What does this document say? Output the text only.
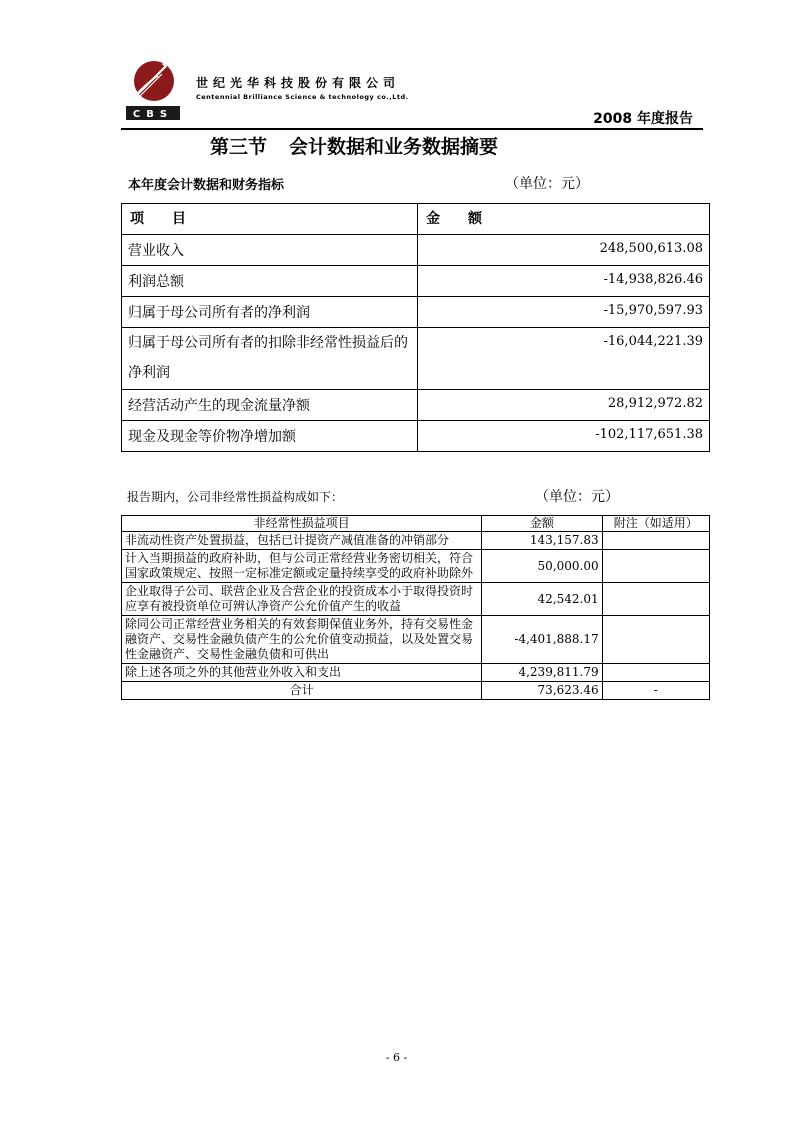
CBS
世纪光华科技股份有限公司
Centennial Brilliance Science & technology co.,Ltd.
2008 年度报告
第三节 会计数据和业务数据摘要
本年度会计数据和财务指标	（单位：元）
项　　目	金　　额
营业收入	248,500,613.08
利润总额	-14,938,826.46
归属于母公司所有者的净利润	-15,970,597.93
归属于母公司所有者的扣除非经常性损益后的净利润	-16,044,221.39
经营活动产生的现金流量净额	28,912,972.82
现金及现金等价物净增加额	-102,117,651.38
报告期内，公司非经常性损益构成如下：	（单位：元）
非经常性损益项目	金额	附注（如适用）
非流动性资产处置损益，包括已计提资产减值准备的冲销部分	143,157.83	
计入当期损益的政府补助，但与公司正常经营业务密切相关，符合国家政策规定、按照一定标准定额或定量持续享受的政府补助除外	50,000.00	
企业取得子公司、联营企业及合营企业的投资成本小于取得投资时应享有被投资单位可辨认净资产公允价值产生的收益	42,542.01	
除同公司正常经营业务相关的有效套期保值业务外，持有交易性金融资产、交易性金融负债产生的公允价值变动损益，以及处置交易性金融资产、交易性金融负债和可供出	-4,401,888.17	
除上述各项之外的其他营业外收入和支出	4,239,811.79	
合计	73,623.46	-
- 6 -
